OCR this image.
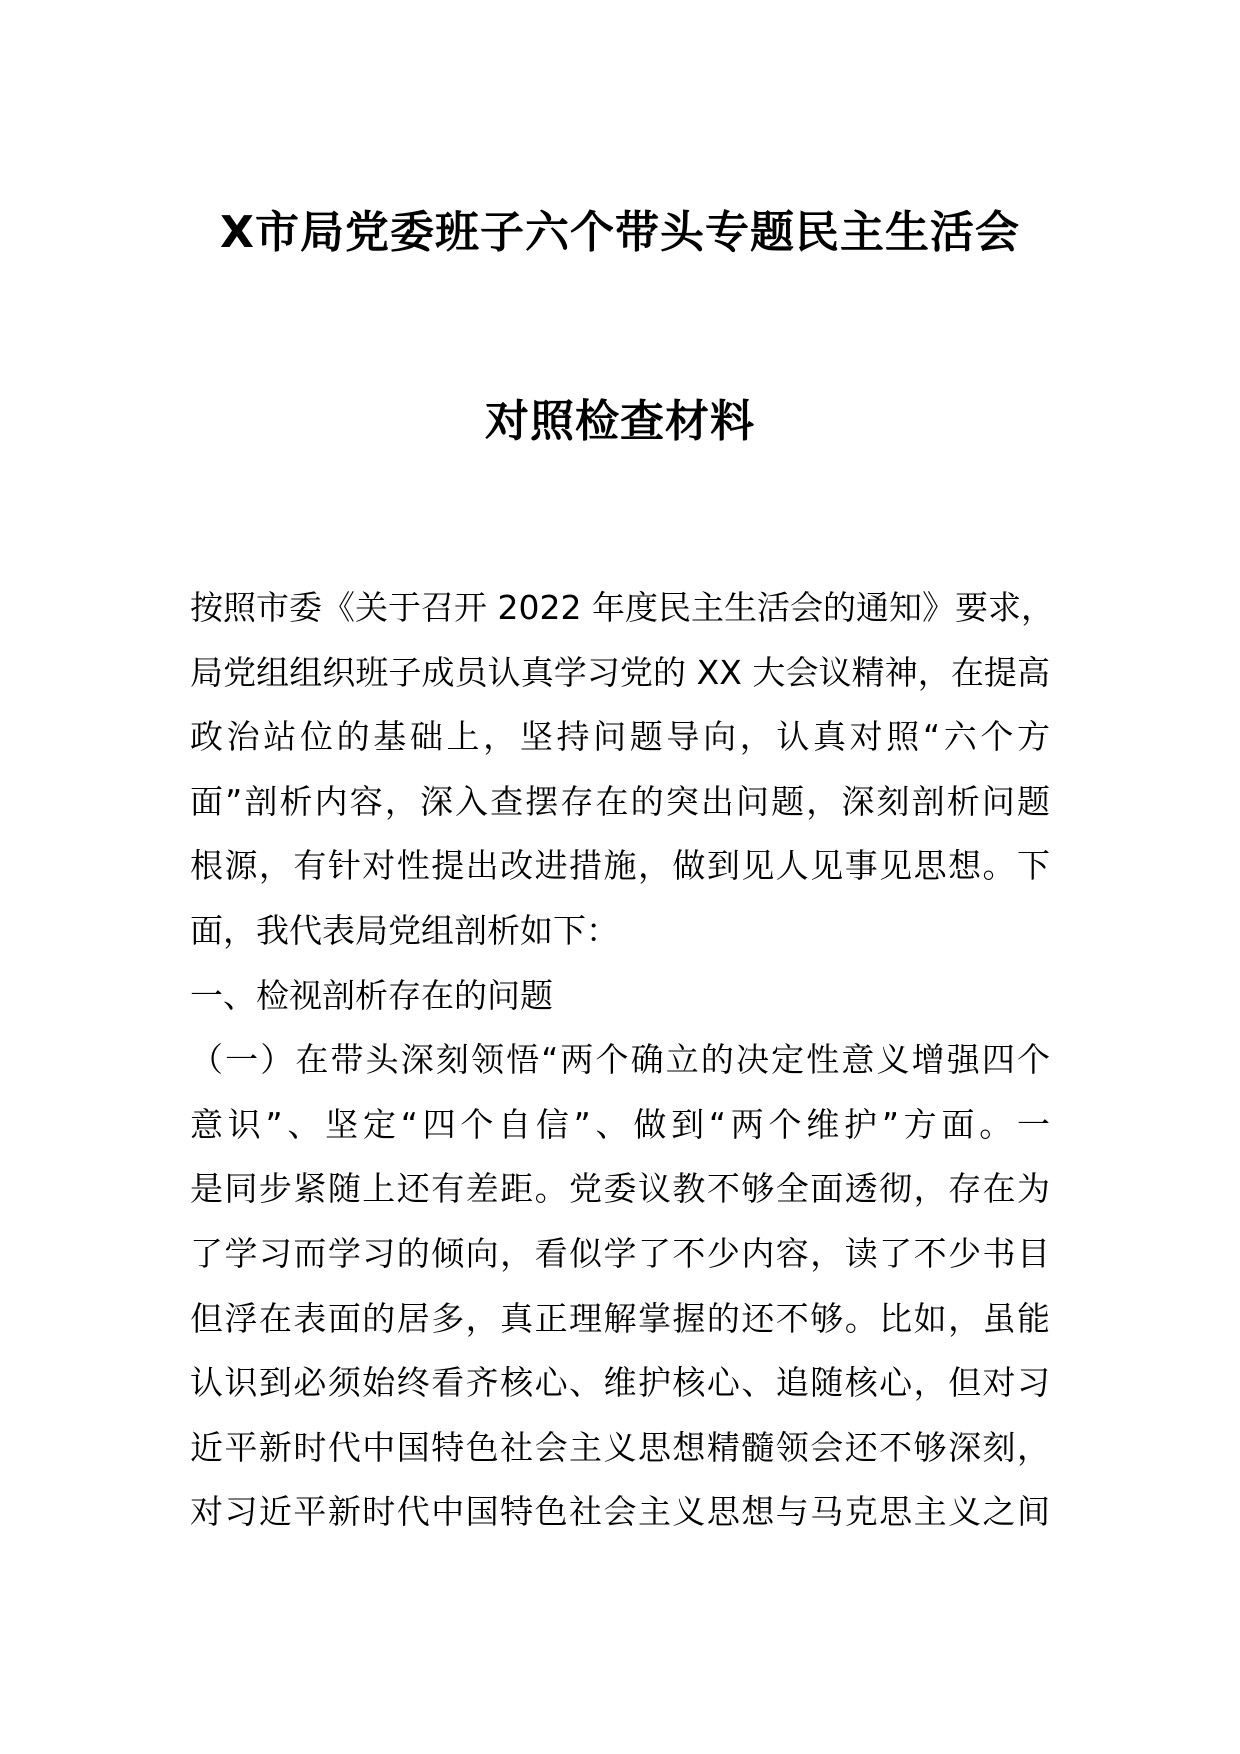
X市局党委班子六个带头专题民主生活会
对照检查材料
按照市委《关于召开 2022 年度民主生活会的通知》要求，
局党组组织班子成员认真学习党的 XX 大会议精神，在提高
政治站位的基础上，坚持问题导向，认真对照“六个方
面”剖析内容，深入查摆存在的突出问题，深刻剖析问题
根源，有针对性提出改进措施，做到见人见事见思想。下
面，我代表局党组剖析如下：
一、检视剖析存在的问题
（一）在带头深刻领悟“两个确立的决定性意义增强四个
意识”、坚定“四个自信”、做到“两个维护”方面。一
是同步紧随上还有差距。党委议教不够全面透彻，存在为
了学习而学习的倾向，看似学了不少内容，读了不少书目
但浮在表面的居多，真正理解掌握的还不够。比如，虽能
认识到必须始终看齐核心、维护核心、追随核心，但对习
近平新时代中国特色社会主义思想精髓领会还不够深刻，
对习近平新时代中国特色社会主义思想与马克思主义之间
